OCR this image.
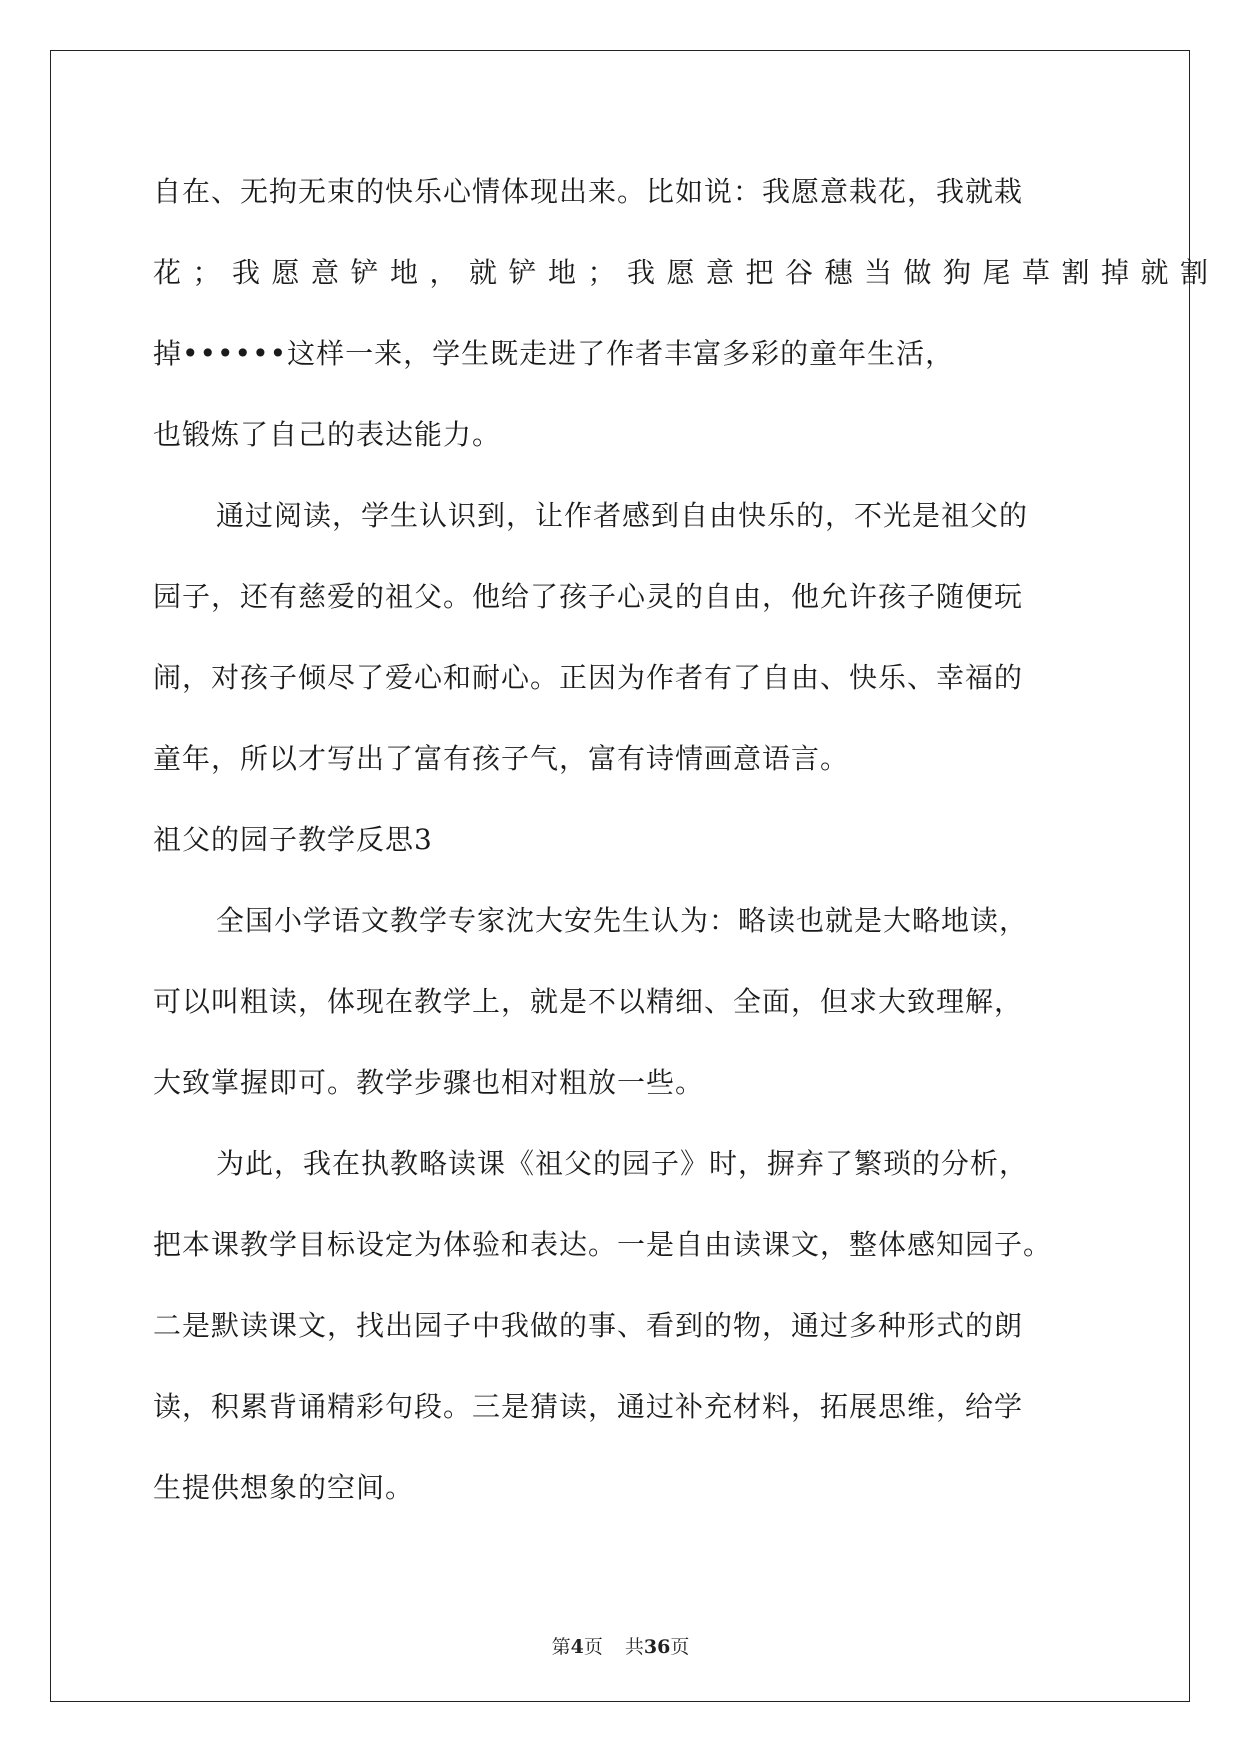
自在、无拘无束的快乐心情体现出来。比如说：我愿意栽花，我就栽
花；我愿意铲地，就铲地；我愿意把谷穗当做狗尾草割掉就割
掉••••••这样一来，学生既走进了作者丰富多彩的童年生活，
也锻炼了自己的表达能力。
通过阅读，学生认识到，让作者感到自由快乐的，不光是祖父的
园子，还有慈爱的祖父。他给了孩子心灵的自由，他允许孩子随便玩
闹，对孩子倾尽了爱心和耐心。正因为作者有了自由、快乐、幸福的
童年，所以才写出了富有孩子气，富有诗情画意语言。
祖父的园子教学反思3
全国小学语文教学专家沈大安先生认为：略读也就是大略地读，
可以叫粗读，体现在教学上，就是不以精细、全面，但求大致理解，
大致掌握即可。教学步骤也相对粗放一些。
为此，我在执教略读课《祖父的园子》时，摒弃了繁琐的分析，
把本课教学目标设定为体验和表达。一是自由读课文，整体感知园子。
二是默读课文，找出园子中我做的事、看到的物，通过多种形式的朗
读，积累背诵精彩句段。三是猜读，通过补充材料，拓展思维，给学
生提供想象的空间。
第4页 共36页
